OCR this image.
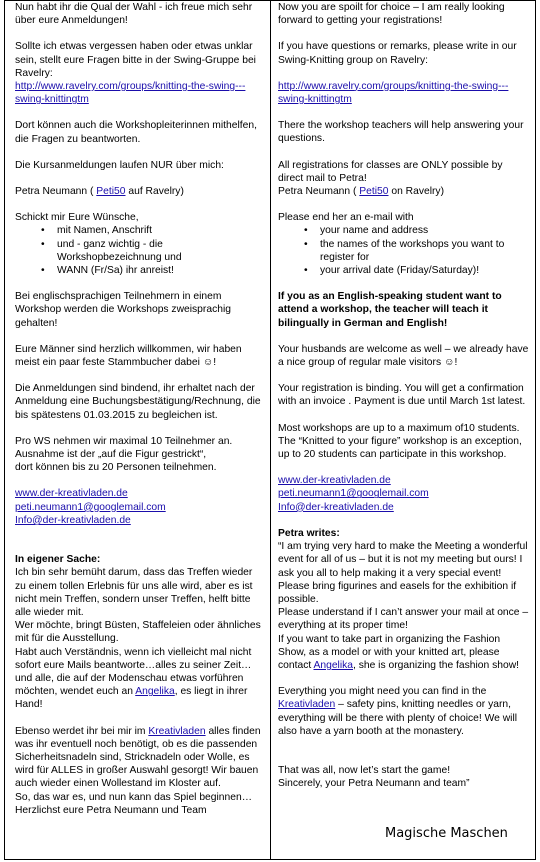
Nun habt ihr die Qual der Wahl - ich freue mich sehr über eure Anmeldungen!

Sollte ich etwas vergessen haben oder etwas unklar sein, stellt eure Fragen bitte in der Swing-Gruppe bei Ravelry:

http://www.ravelry.com/groups/knitting-the-swing---swing-knittingtm

Dort können auch die Workshopleiterinnen mithelfen, die Fragen zu beantworten.

Die Kursanmeldungen laufen NUR über mich:

Petra Neumann ( Peti50 auf Ravelry)

Schickt mir Eure Wünsche,

• mit Namen, Anschrift
• und - ganz wichtig - die Workshopbezeichnung und
• WANN (Fr/Sa) ihr anreist!

Bei englischsprachigen Teilnehmern in einem Workshop werden die Workshops zweisprachig gehalten!

Eure Männer sind herzlich willkommen, wir haben meist ein paar feste Stammbucher dabei ☺!

Die Anmeldungen sind bindend, ihr erhaltet nach der Anmeldung eine Buchungsbestätigung/Rechnung, die bis spätestens 01.03.2015 zu begleichen ist.

Pro WS nehmen wir maximal 10 Teilnehmer an.

Ausnahme ist der „auf die Figur gestrickt“,

dort können bis zu 20 Personen teilnehmen.

www.der-kreativladen.de

peti.neumann1@googlemail.com

Info@der-kreativladen.de

In eigener Sache:

Ich bin sehr bemüht darum, dass das Treffen wieder zu einem tollen Erlebnis für uns alle wird, aber es ist nicht mein Treffen, sondern unser Treffen, helft bitte alle wieder mit.

Wer möchte, bringt Büsten, Staffeleien oder ähnliches mit für die Ausstellung.

Habt auch Verständnis, wenn ich vielleicht mal nicht sofort eure Mails beantworte…alles zu seiner Zeit… und alle, die auf der Modenschau etwas vorführen möchten, wendet euch an Angelika, es liegt in ihrer Hand!

Ebenso werdet ihr bei mir im Kreativladen alles finden was ihr eventuell noch benötigt, ob es die passenden Sicherheitsnadeln sind, Stricknadeln oder Wolle, es wird für ALLES in großer Auswahl gesorgt! Wir bauen auch wieder einen Wollestand im Kloster auf.

So, das war es, und nun kann das Spiel beginnen…

Herzlichst eure Petra Neumann und Team

Now you are spoilt for choice – I am really looking forward to getting your registrations!

If you have questions or remarks, please write in our Swing-Knitting group on Ravelry:

http://www.ravelry.com/groups/knitting-the-swing---swing-knittingtm

There the workshop teachers will help answering your questions.

All registrations for classes are ONLY possible by direct mail to Petra!

Petra Neumann ( Peti50 on Ravelry)

Please end her an e-mail with

• your name and address
• the names of the workshops you want to register for
• your arrival date (Friday/Saturday)!

If you as an English-speaking student want to attend a workshop, the teacher will teach it bilingually in German and English!

Your husbands are welcome as well – we already have a nice group of regular male visitors ☺!

Your registration is binding. You will get a confirmation with an invoice . Payment is due until March 1st latest.

Most workshops are up to a maximum of10 students.

The “Knitted to your figure” workshop is an exception, up to 20 students can participate in this workshop.

www.der-kreativladen.de

peti.neumann1@googlemail.com

Info@der-kreativladen.de

Petra writes:

“I am trying very hard to make the Meeting a wonderful event for all of us – but it is not my meeting but ours! I ask you all to help making it a very special event!

Please bring figurines and easels for the exhibition if possible.

Please understand if I can’t answer your mail at once – everything at its proper time!

If you want to take part in organizing the Fashion Show, as a model or with your knitted art, please contact Angelika, she is organizing the fashion show!

Everything you might need you can find in the Kreativladen – safety pins, knitting needles or yarn, everything will be there with plenty of choice! We will also have a yarn booth at the monastery.

That was all, now let’s start the game!

Sincerely, your Petra Neumann and team”

Magische Maschen
